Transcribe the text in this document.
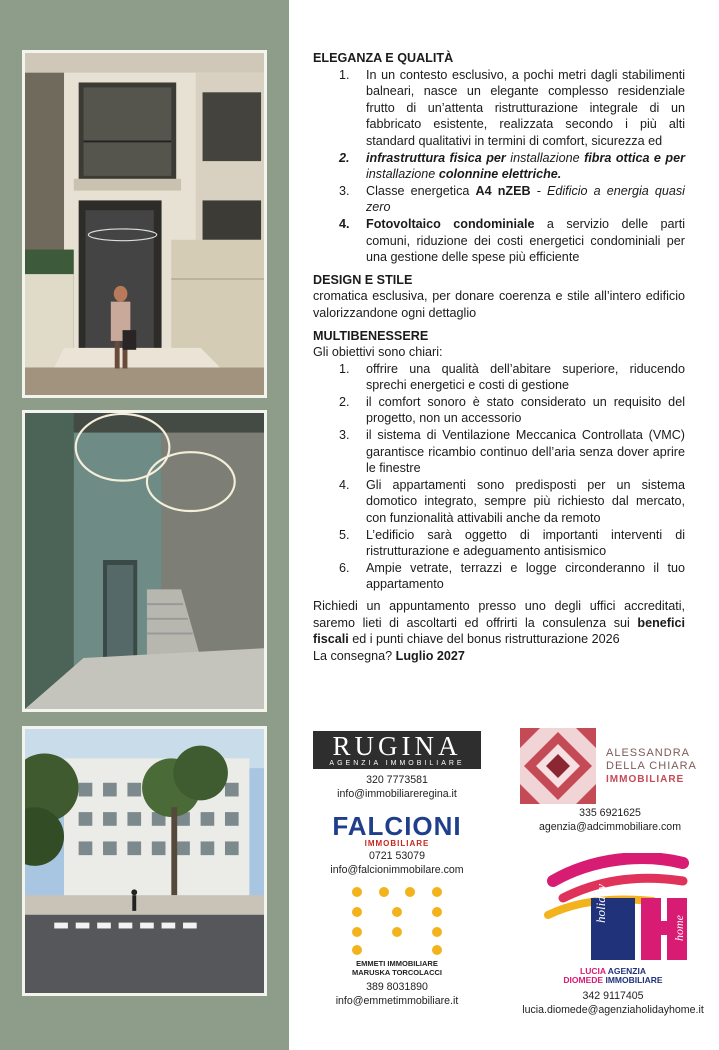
ELEGANZA E QUALITÀ
1. In un contesto esclusivo, a pochi metri dagli stabilimenti balneari, nasce un elegante complesso residenziale frutto di un’attenta ristrutturazione integrale di un fabbricato esistente, realizzata secondo i più alti standard qualitativi in termini di comfort, sicurezza ed
2. infrastruttura fisica per installazione fibra ottica e per installazione colonnine elettriche.
3. Classe energetica A4 nZEB - Edificio a energia quasi zero
4. Fotovoltaico condominiale a servizio delle parti comuni, riduzione dei costi energetici condominiali per una gestione delle spese più efficiente
DESIGN E STILE

cromatica esclusiva, per donare coerenza e stile all’intero edificio valorizzandone ogni dettaglio

MULTIBENESSERE

Gli obiettivi sono chiari:

1. offrire una qualità dell’abitare superiore, riducendo sprechi energetici e costi di gestione
2. il comfort sonoro è stato considerato un requisito del progetto, non un accessorio
3. il sistema di Ventilazione Meccanica Controllata (VMC) garantisce ricambio continuo dell’aria senza dover aprire le finestre
4. Gli appartamenti sono predisposti per un sistema domotico integrato, sempre più richiesto dal mercato, con funzionalità attivabili anche da remoto
5. L’edificio sarà oggetto di importanti interventi di ristrutturazione e adeguamento antisismico
6. Ampie vetrate, terrazzi e logge circonderanno il tuo appartamento

Richiedi un appuntamento presso uno degli uffici accreditati, saremo lieti di ascoltarti ed offrirti la consulenza sui benefici fiscali ed i punti chiave del bonus ristrutturazione 2026

La consegna? Luglio 2027

RUGINA
AGENZIA IMMOBILIARE
320 7773581
info@immobiliareregina.it
ALESSANDRA
DELLA CHIARA
IMMOBILIARE
335 6921625
agenzia@adcimmobiliare.com
FALCIONI
IMMOBILIARE
0721 53079
info@falcionimmobilare.com
EMMETI IMMOBILIARE
MARUSKA TORCOLACCI
389 8031890
info@emmetimmobiliare.it
holiday
home
LUCIA AGENZIA
DIOMEDE IMMOBILIARE
342 9117405
lucia.diomede@agenziaholidayhome.it
